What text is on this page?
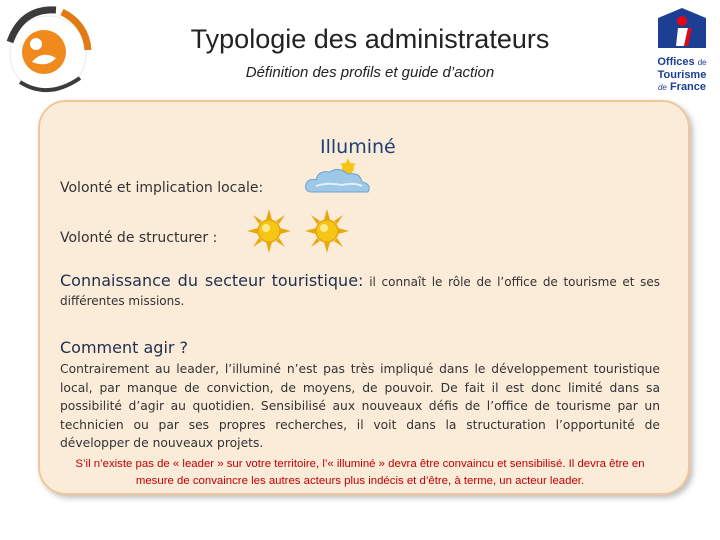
Offices de
Tourisme
de France
Typologie des administrateurs
Définition des profils et guide d’action
Illuminé
Volonté et implication locale:
Volonté de structurer :
Connaissance du secteur touristique: il connaît le rôle de l’office de tourisme et ses différentes missions.
Comment agir ?
Contrairement au leader, l’illuminé n’est pas très impliqué dans le développement touristique local, par manque de conviction, de moyens, de pouvoir. De fait il est donc limité dans sa possibilité d’agir au quotidien. Sensibilisé aux nouveaux défis de l’office de tourisme par un technicien ou par ses propres recherches, il voit dans la structuration l’opportunité de développer de nouveaux projets.
S’il n’existe pas de « leader » sur votre territoire, l’« illuminé » devra être convaincu et sensibilisé. Il devra être en mesure de convaincre les autres acteurs plus indécis et d’être, à terme, un acteur leader.
